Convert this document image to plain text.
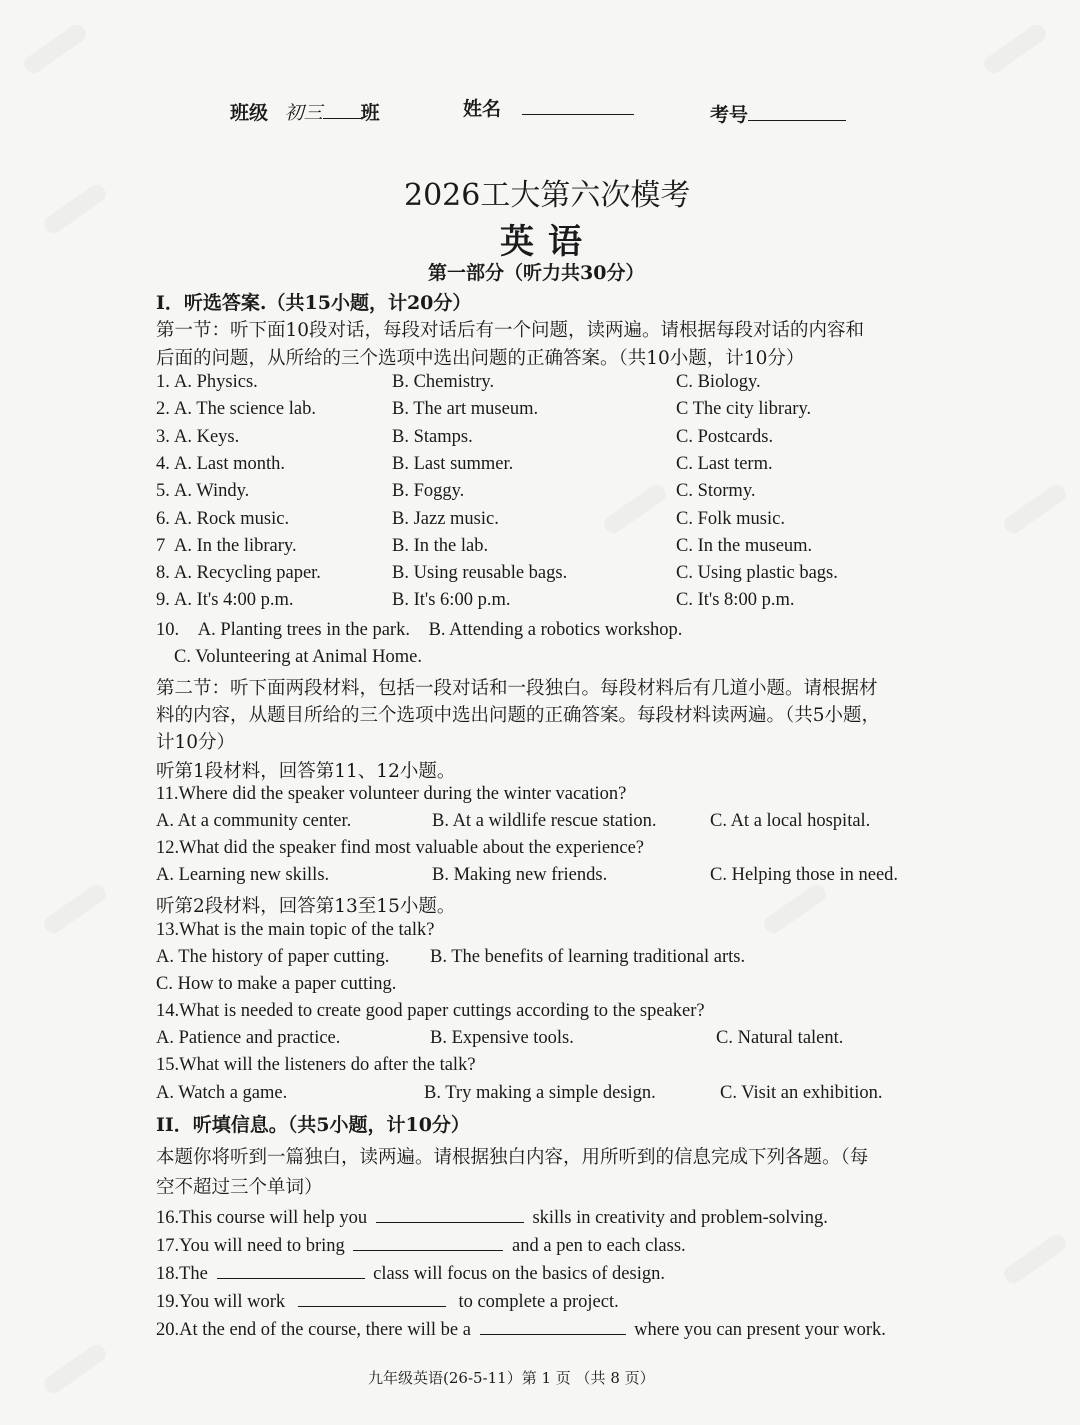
班级 初三 班	姓名	考号
2026工大第六次模考
英语
第一部分（听力共30分）
I．听选答案.（共15小题，计20分）
第一节：听下面10段对话，每段对话后有一个问题，读两遍。请根据每段对话的内容和
后面的问题，从所给的三个选项中选出问题的正确答案。（共10小题，计10分）
1. A. Physics.	B. Chemistry.	C. Biology.
2. A. The science lab.	B. The art museum.	C The city library.
3. A. Keys.	B. Stamps.	C. Postcards.
4. A. Last month.	B. Last summer.	C. Last term.
5. A. Windy.	B. Foggy.	C. Stormy.
6. A. Rock music.	B. Jazz music.	C. Folk music.
7 A. In the library.	B. In the lab.	C. In the museum.
8. A. Recycling paper.	B. Using reusable bags.	C. Using plastic bags.
9. A. It's 4:00 p.m.	B. It's 6:00 p.m.	C. It's 8:00 p.m.
10. A. Planting trees in the park. B. Attending a robotics workshop.
C. Volunteering at Animal Home.
第二节：听下面两段材料，包括一段对话和一段独白。每段材料后有几道小题。请根据材
料的内容，从题目所给的三个选项中选出问题的正确答案。每段材料读两遍。（共5小题，
计10分）
听第1段材料，回答第11、12小题。
11.Where did the speaker volunteer during the winter vacation?
A. At a community center.	B. At a wildlife rescue station.	C. At a local hospital.
12.What did the speaker find most valuable about the experience?
A. Learning new skills.	B. Making new friends.	C. Helping those in need.
听第2段材料，回答第13至15小题。
13.What is the main topic of the talk?
A. The history of paper cutting. B. The benefits of learning traditional arts.
C. How to make a paper cutting.
14.What is needed to create good paper cuttings according to the speaker?
A. Patience and practice.	B. Expensive tools.	C. Natural talent.
15.What will the listeners do after the talk?
A. Watch a game.	B. Try making a simple design.	C. Visit an exhibition.
II．听填信息。（共5小题，计10分）
本题你将听到一篇独白，读两遍。请根据独白内容，用所听到的信息完成下列各题。（每
空不超过三个单词）
16.This course will help you	skills in creativity and problem-solving.
17.You will need to bring	and a pen to each class.
18.The	class will focus on the basics of design.
19.You will work	to complete a project.
20.At the end of the course, there will be a	where you can present your work.
九年级英语(26-5-11）第 1 页 （共 8 页）
